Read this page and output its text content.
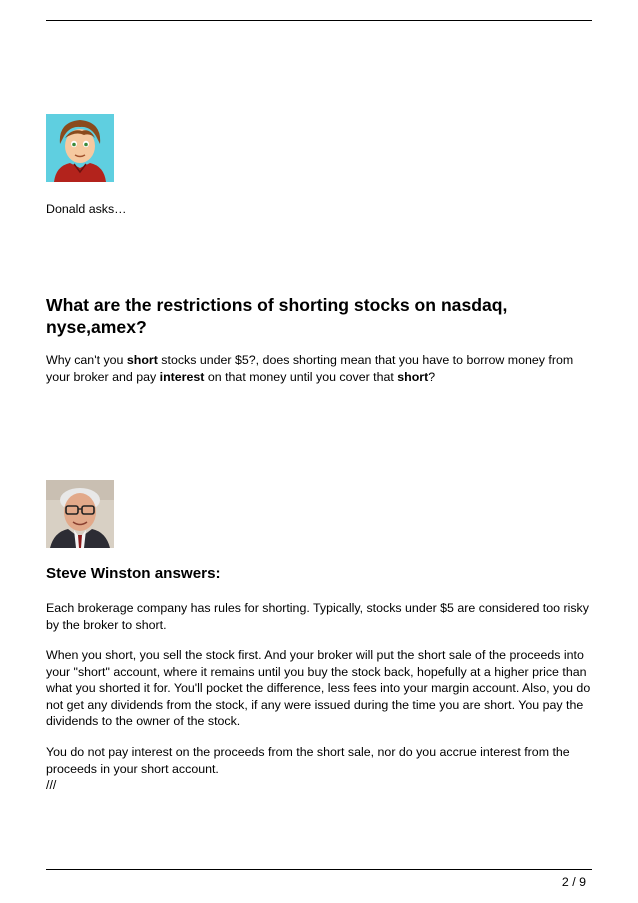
Donald asks…
What are the restrictions of shorting stocks on nasdaq, nyse,amex?
Why can't you short stocks under $5?, does shorting mean that you have to borrow money from your broker and pay interest on that money until you cover that short?
Steve Winston answers:
Each brokerage company has rules for shorting. Typically, stocks under $5 are considered too risky by the broker to short.
When you short, you sell the stock first. And your broker will put the short sale of the proceeds into your "short" account, where it remains until you buy the stock back, hopefully at a higher price than what you shorted it for. You'll pocket the difference, less fees into your margin account. Also, you do not get any dividends from the stock, if any were issued during the time you are short. You pay the dividends to the owner of the stock.
You do not pay interest on the proceeds from the short sale, nor do you accrue interest from the proceeds in your short account.
///
2 / 9
